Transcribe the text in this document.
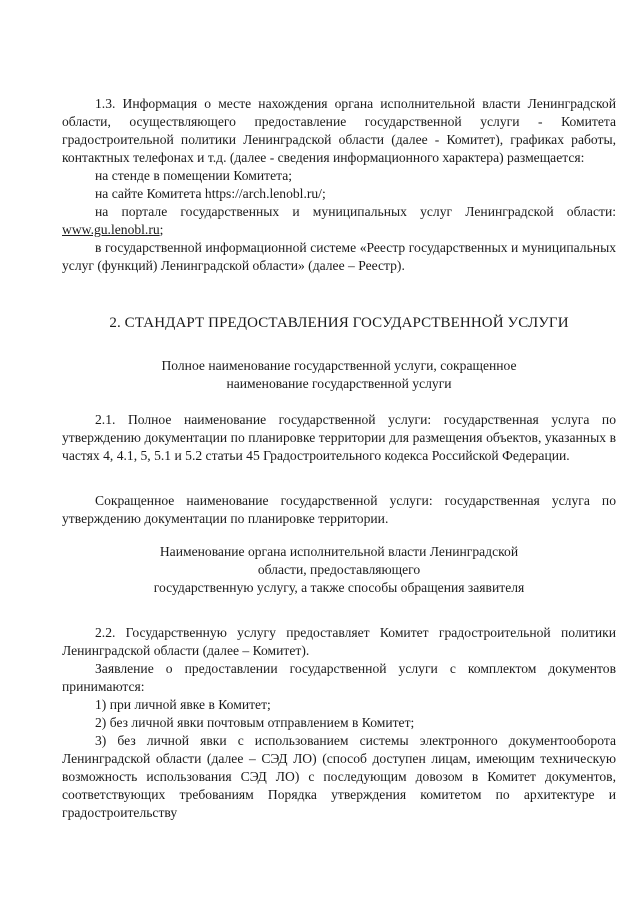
1.3. Информация о месте нахождения органа исполнительной власти Ленинградской области, осуществляющего предоставление государственной услуги - Комитета градостроительной политики Ленинградской области (далее - Комитет), графиках работы, контактных телефонах и т.д. (далее - сведения информационного характера) размещается:

на стенде в помещении Комитета;

на сайте Комитета https://arch.lenobl.ru/;

на портале государственных и муниципальных услуг Ленинградской области: www.gu.lenobl.ru;

в государственной информационной системе «Реестр государственных и муниципальных услуг (функций) Ленинградской области» (далее – Реестр).

2. СТАНДАРТ ПРЕДОСТАВЛЕНИЯ ГОСУДАРСТВЕННОЙ УСЛУГИ

Полное наименование государственной услуги, сокращенное

наименование государственной услуги

2.1. Полное наименование государственной услуги: государственная услуга по утверждению документации по планировке территории для размещения объектов, указанных в частях 4, 4.1, 5, 5.1 и 5.2 статьи 45 Градостроительного кодекса Российской Федерации.

Сокращенное наименование государственной услуги: государственная услуга по утверждению документации по планировке территории.

Наименование органа исполнительной власти Ленинградской

области, предоставляющего

государственную услугу, а также способы обращения заявителя

2.2. Государственную услугу предоставляет Комитет градостроительной политики Ленинградской области (далее – Комитет).

Заявление о предоставлении государственной услуги с комплектом документов принимаются:

1) при личной явке в Комитет;

2) без личной явки почтовым отправлением в Комитет;

3) без личной явки с использованием системы электронного документооборота Ленинградской области (далее – СЭД ЛО) (способ доступен лицам, имеющим техническую возможность использования СЭД ЛО) с последующим довозом в Комитет документов, соответствующих требованиям Порядка утверждения комитетом по архитектуре и градостроительству
